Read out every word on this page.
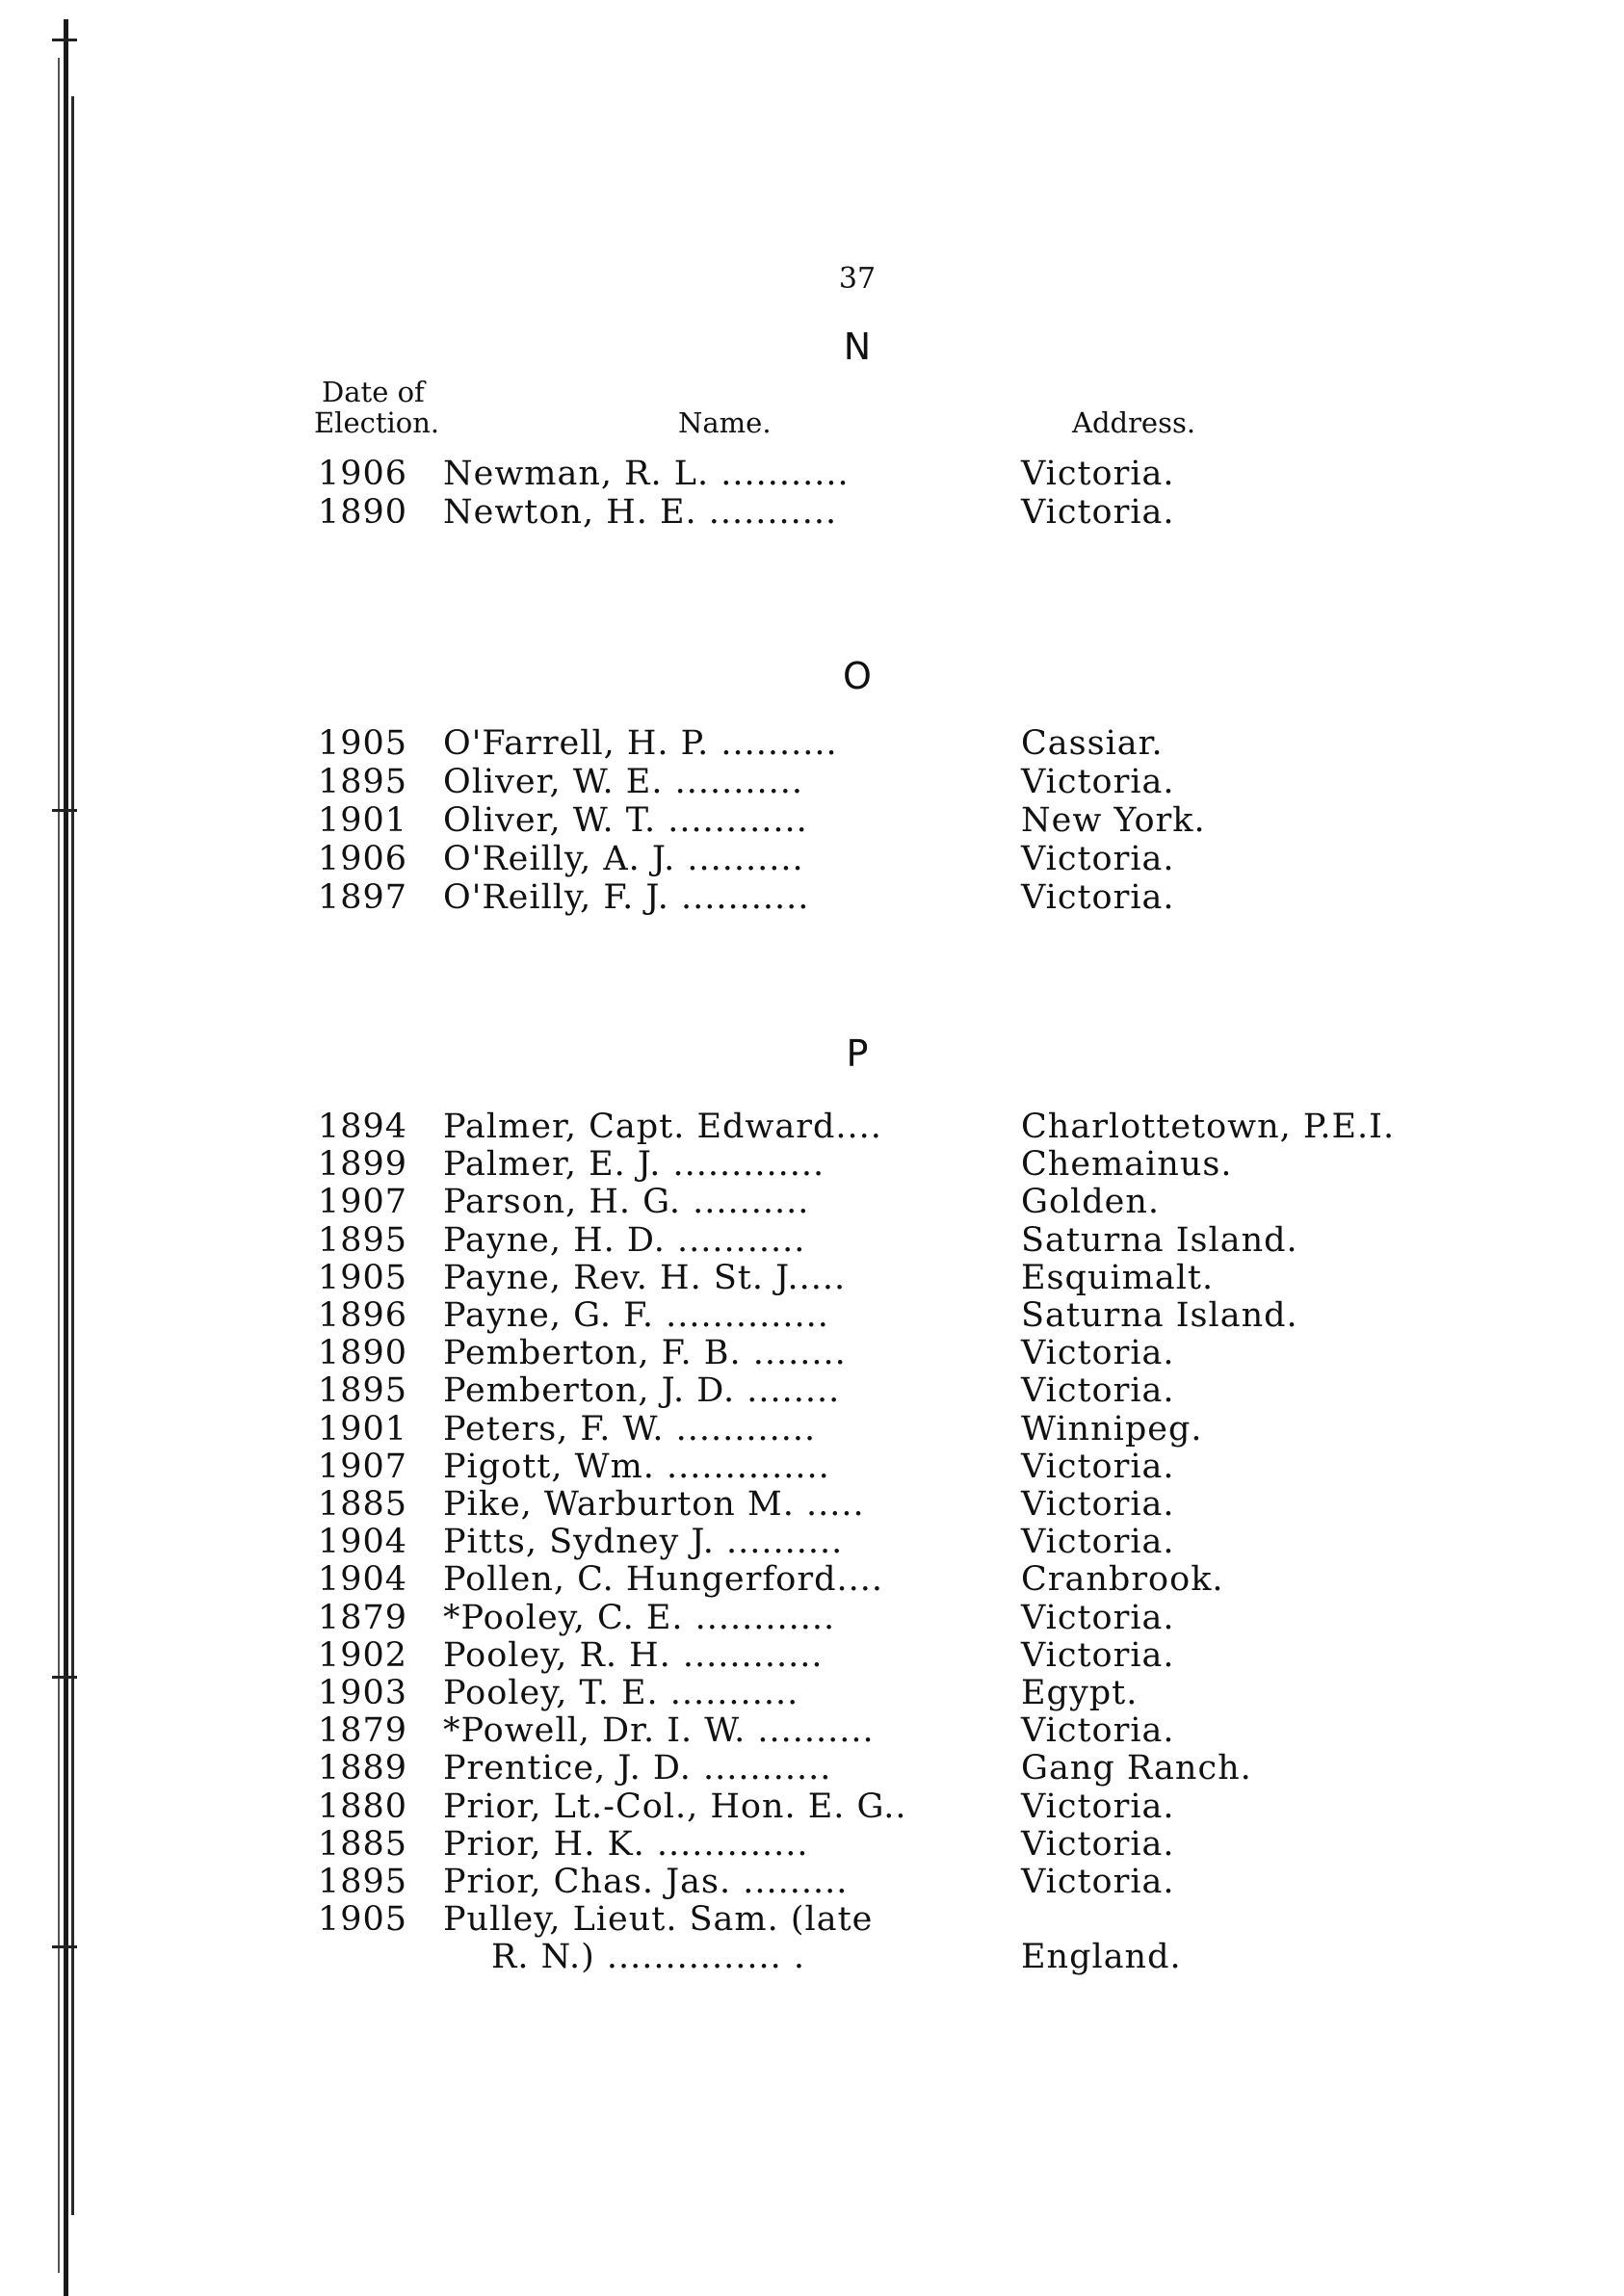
37
Date of
Election.	Name.	Address.
N
1906 Newman, R. L. ...........	Victoria.
1890 Newton, H. E. ...........	Victoria.
O
1905 O'Farrell, H. P. ..........	Cassiar.
1895 Oliver, W. E. ...........	Victoria.
1901 Oliver, W. T. ............	New York.
1906 O'Reilly, A. J. ..........	Victoria.
1897 O'Reilly, F. J. ...........	Victoria.
P
1894 Palmer, Capt. Edward....	Charlottetown, P.E.I.
1899 Palmer, E. J. .............	Chemainus.
1907 Parson, H. G. ..........	Golden.
1895 Payne, H. D. ...........	Saturna Island.
1905 Payne, Rev. H. St. J.....	Esquimalt.
1896 Payne, G. F. ..............	Saturna Island.
1890 Pemberton, F. B. ........	Victoria.
1895 Pemberton, J. D. ........	Victoria.
1901 Peters, F. W. ............	Winnipeg.
1907 Pigott, Wm. ..............	Victoria.
1885 Pike, Warburton M. .....	Victoria.
1904 Pitts, Sydney J. ..........	Victoria.
1904 Pollen, C. Hungerford....	Cranbrook.
1879 *Pooley, C. E. ............	Victoria.
1902 Pooley, R. H. ............	Victoria.
1903 Pooley, T. E. ...........	Egypt.
1879 *Powell, Dr. I. W. ..........	Victoria.
1889 Prentice, J. D. ...........	Gang Ranch.
1880 Prior, Lt.-Col., Hon. E. G..	Victoria.
1885 Prior, H. K. .............	Victoria.
1895 Prior, Chas. Jas. .........	Victoria.
1905 Pulley, Lieut. Sam. (late
R. N.) ............... .	England.
